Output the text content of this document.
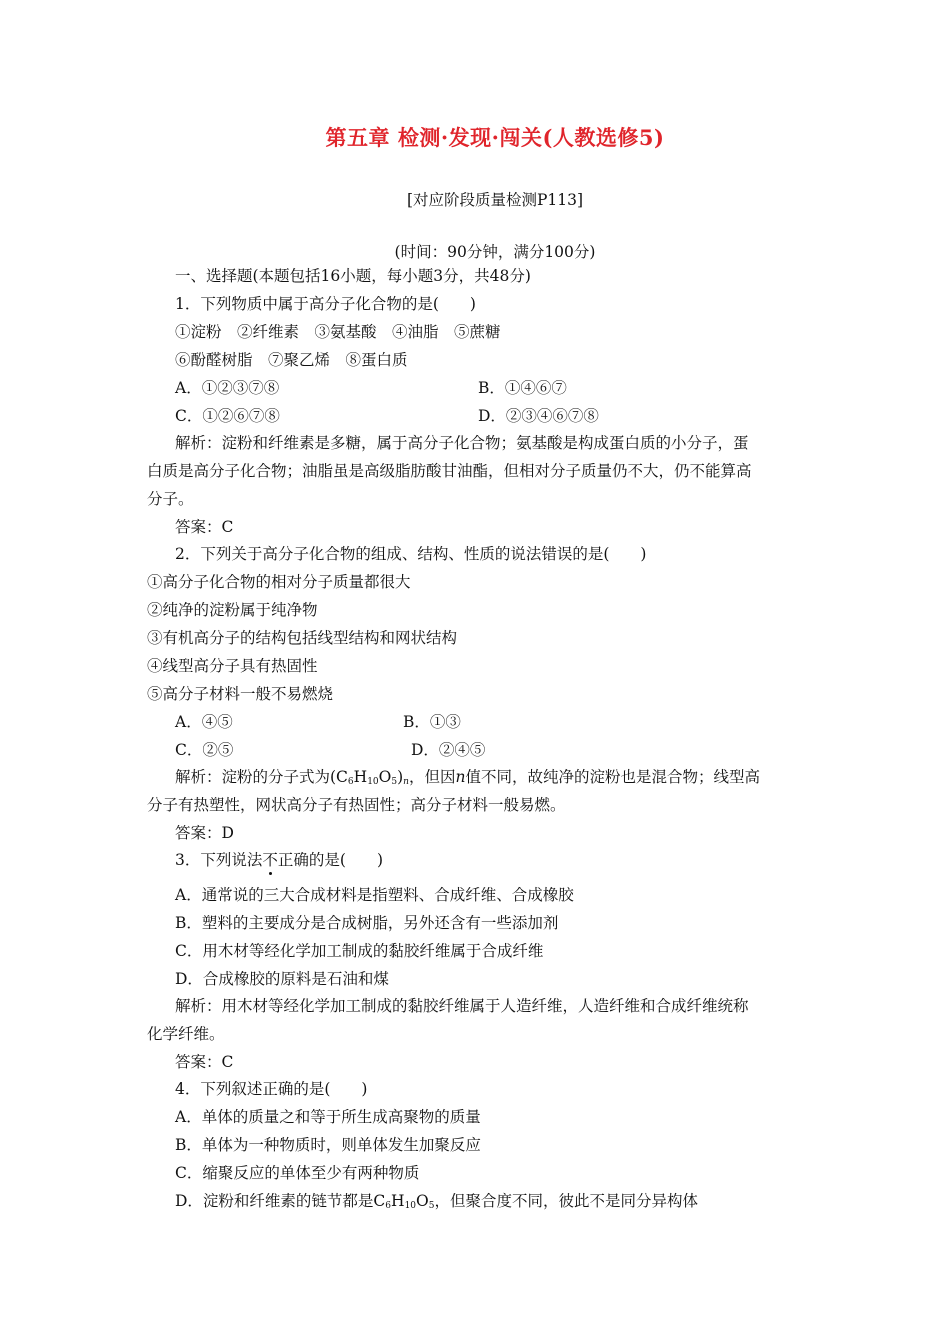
第五章 检测·发现·闯关(人教选修5)
[对应阶段质量检测P113]
(时间：90分钟，满分100分)
一、选择题(本题包括16小题，每小题3分，共48分)
1．下列物质中属于高分子化合物的是(　　)
①淀粉　②纤维素　③氨基酸　④油脂　⑤蔗糖
⑥酚醛树脂　⑦聚乙烯　⑧蛋白质
A．①②③⑦⑧	B．①④⑥⑦
C．①②⑥⑦⑧	D．②③④⑥⑦⑧
解析：淀粉和纤维素是多糖，属于高分子化合物；氨基酸是构成蛋白质的小分子，蛋
白质是高分子化合物；油脂虽是高级脂肪酸甘油酯，但相对分子质量仍不大，仍不能算高
分子。
答案：C
2．下列关于高分子化合物的组成、结构、性质的说法错误的是(　　)
①高分子化合物的相对分子质量都很大
②纯净的淀粉属于纯净物
③有机高分子的结构包括线型结构和网状结构
④线型高分子具有热固性
⑤高分子材料一般不易燃烧
A．④⑤	B．①③
C．②⑤	D．②④⑤
解析：淀粉的分子式为$(C_6H_{10}O_5)_n$，但因n值不同，故纯净的淀粉也是混合物；线型高
分子有热塑性，网状高分子有热固性；高分子材料一般易燃。
答案：D
3．下列说法不正确的是(　　)
A．通常说的三大合成材料是指塑料、合成纤维、合成橡胶
B．塑料的主要成分是合成树脂，另外还含有一些添加剂
C．用木材等经化学加工制成的黏胶纤维属于合成纤维
D．合成橡胶的原料是石油和煤
解析：用木材等经化学加工制成的黏胶纤维属于人造纤维，人造纤维和合成纤维统称
化学纤维。
答案：C
4．下列叙述正确的是(　　)
A．单体的质量之和等于所生成高聚物的质量
B．单体为一种物质时，则单体发生加聚反应
C．缩聚反应的单体至少有两种物质
D．淀粉和纤维素的链节都是$C_6H_{10}O_5$，但聚合度不同，彼此不是同分异构体
